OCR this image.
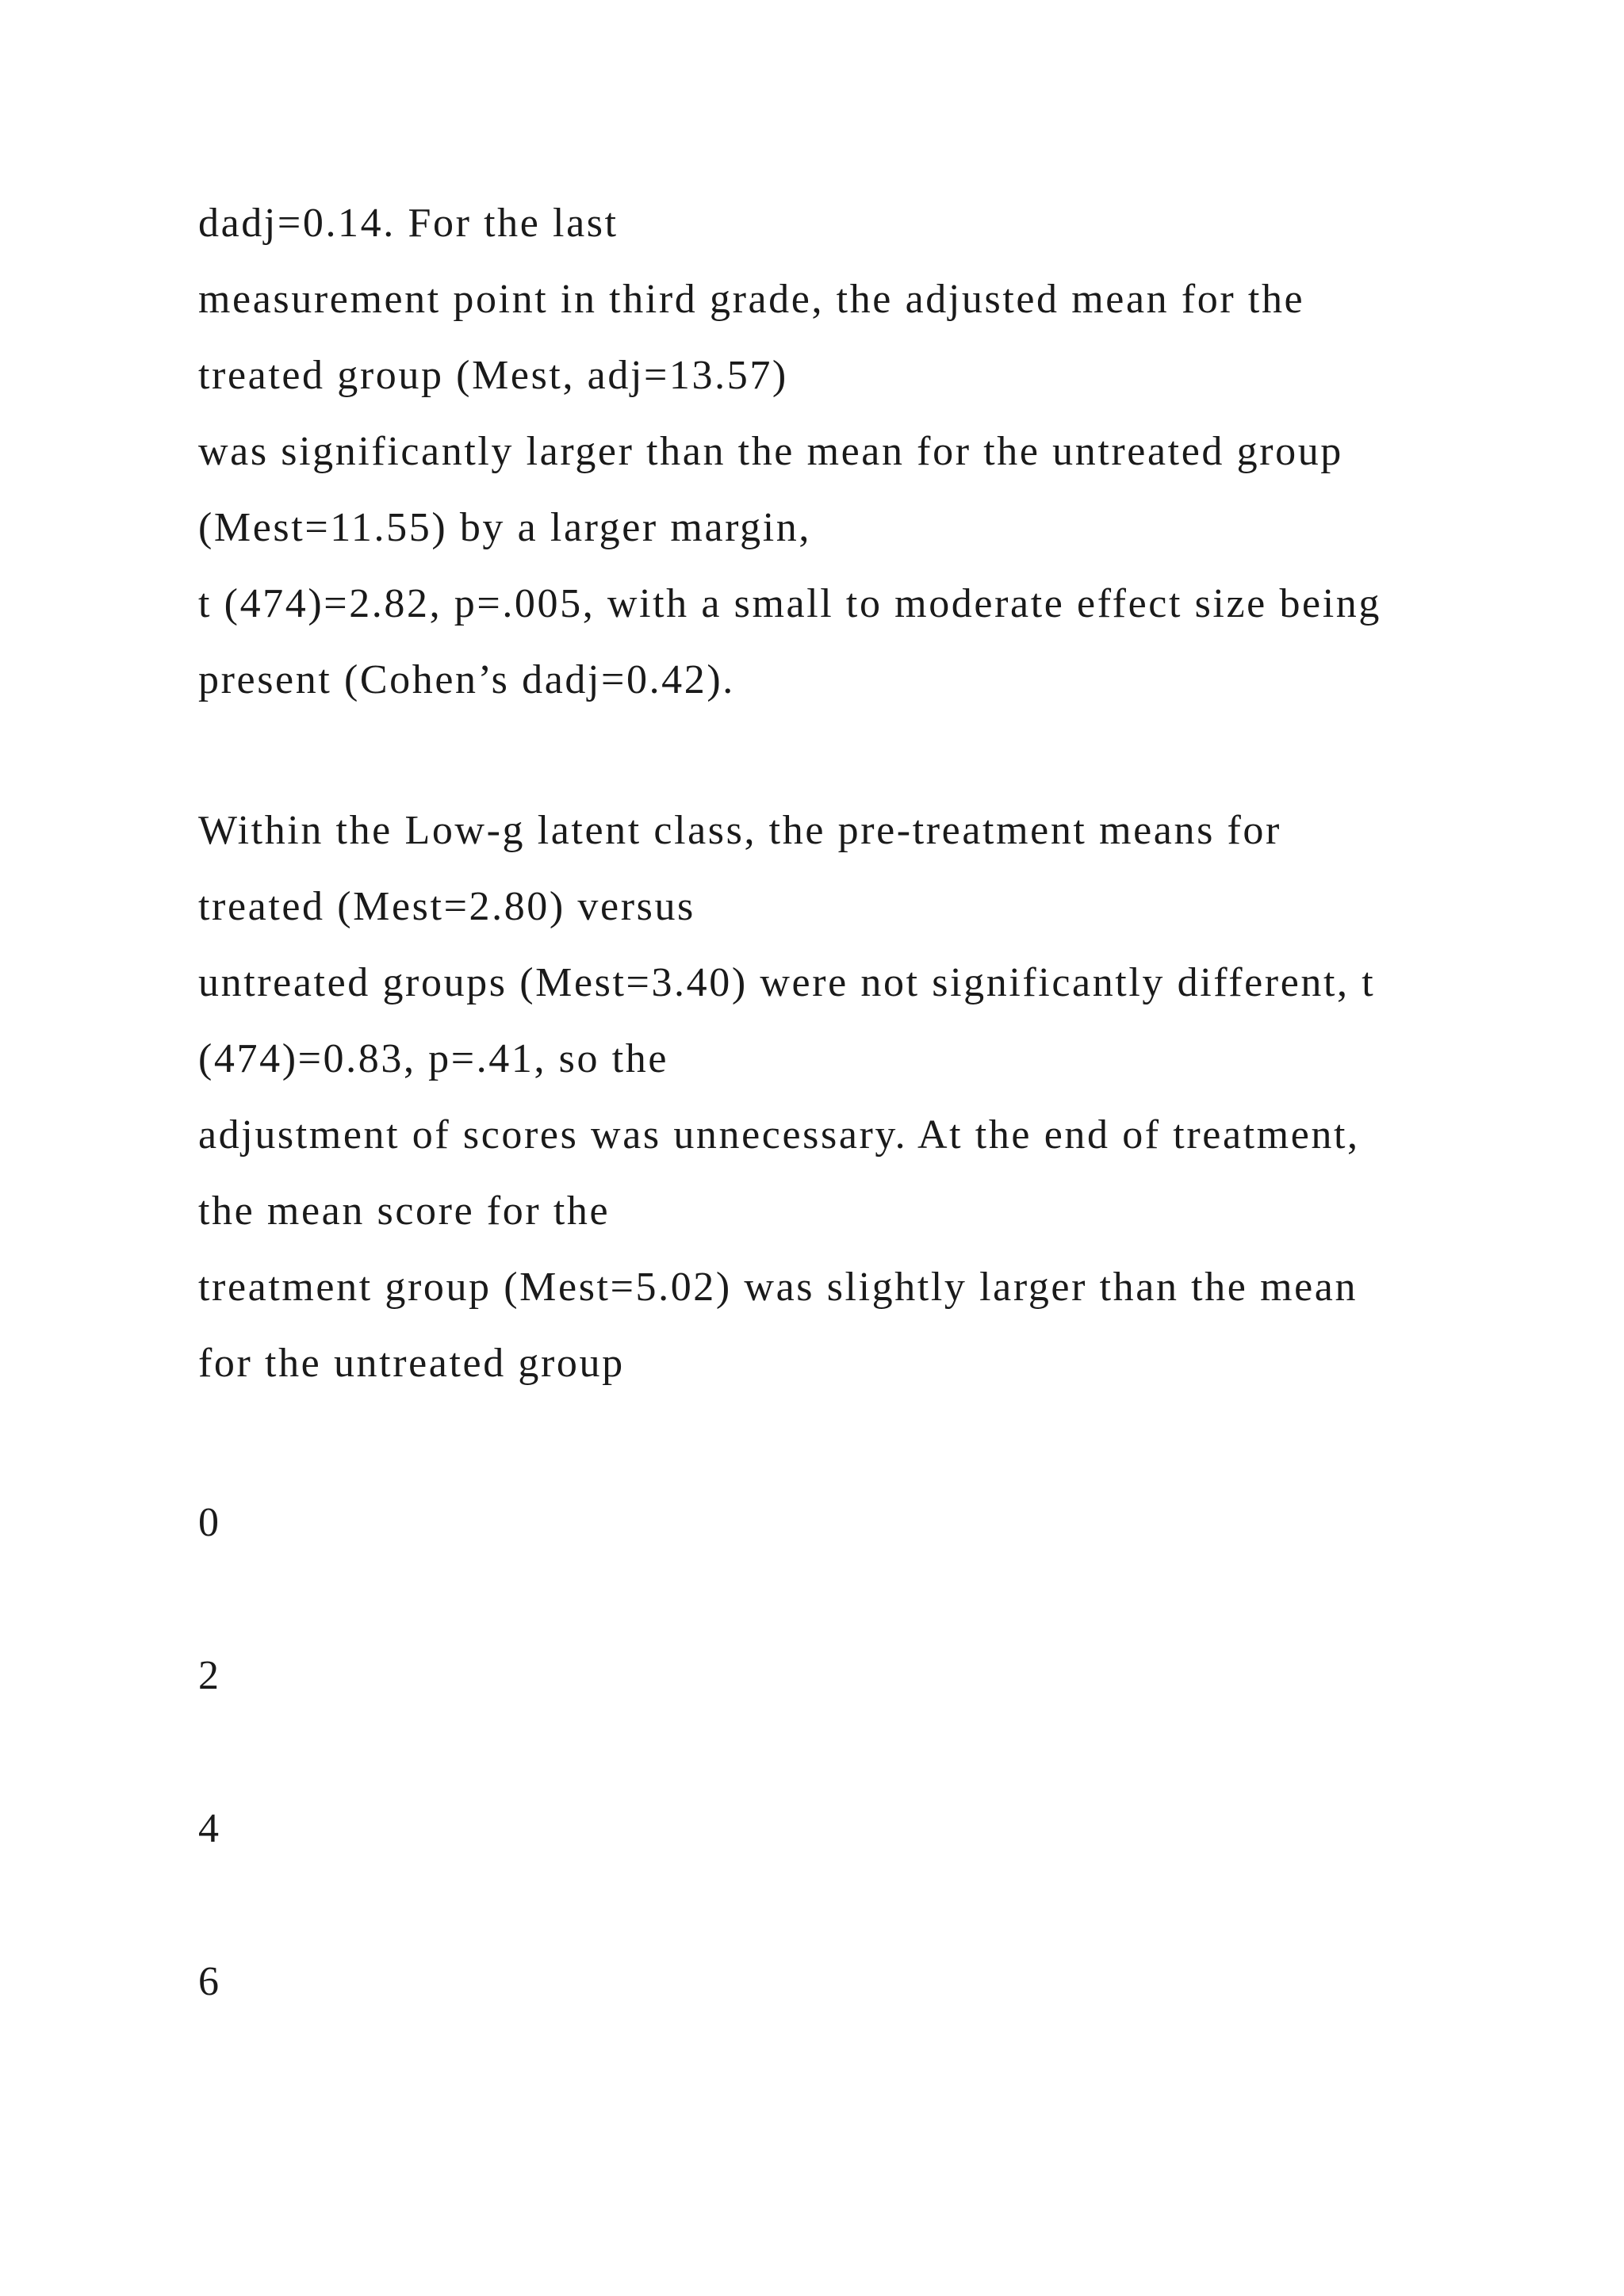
dadj=0.14. For the last
measurement point in third grade, the adjusted mean for the
treated group (Mest, adj=13.57)
was significantly larger than the mean for the untreated group
(Mest=11.55) by a larger margin,
t (474)=2.82, p=.005, with a small to moderate effect size being
present (Cohen’s dadj=0.42).
Within the Low-g latent class, the pre-treatment means for
treated (Mest=2.80) versus
untreated groups (Mest=3.40) were not significantly different, t
(474)=0.83, p=.41, so the
adjustment of scores was unnecessary. At the end of treatment,
the mean score for the
treatment group (Mest=5.02) was slightly larger than the mean
for the untreated group
0
2
4
6
